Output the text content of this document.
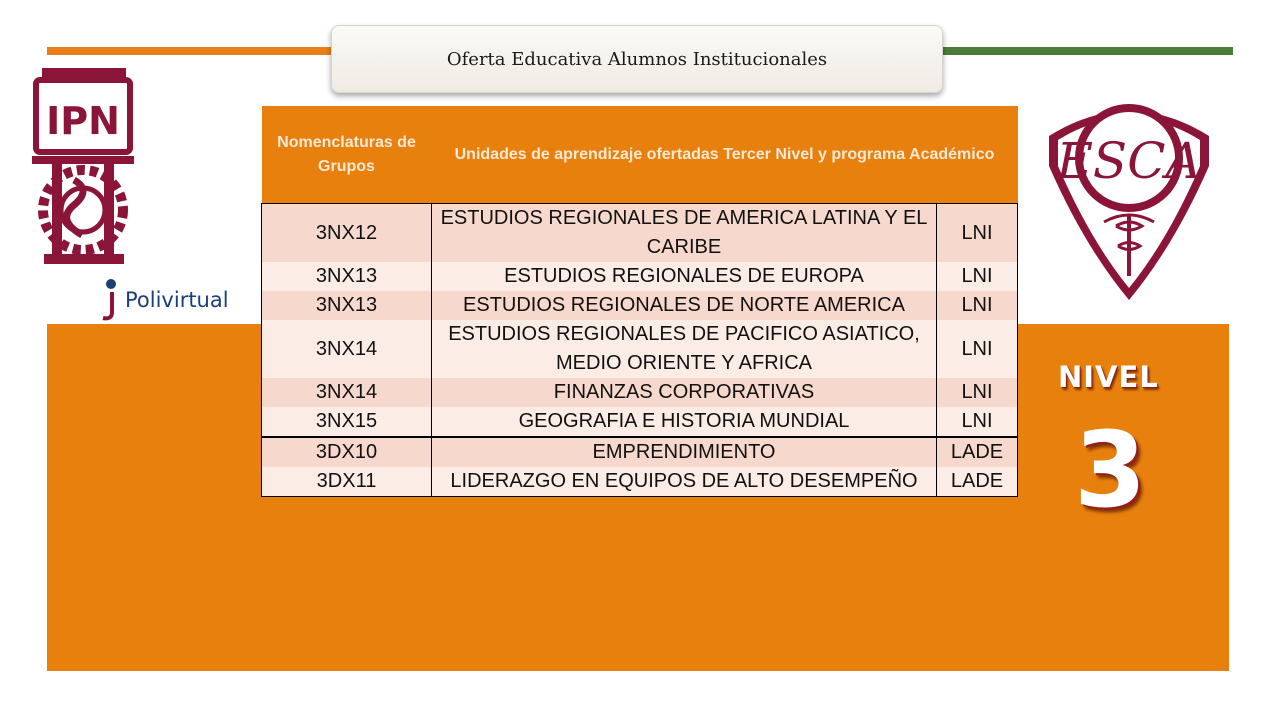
Oferta Educativa Alumnos Institucionales
IPN
Polivirtual
ESCA
Nomenclaturas de Grupos	Unidades de aprendizaje ofertadas Tercer Nivel y programa Académico	
3NX12	ESTUDIOS REGIONALES DE AMERICA LATINA Y EL CARIBE	LNI
3NX13	ESTUDIOS REGIONALES DE EUROPA	LNI
3NX13	ESTUDIOS REGIONALES DE NORTE AMERICA	LNI
3NX14	ESTUDIOS REGIONALES DE PACIFICO ASIATICO, MEDIO ORIENTE Y AFRICA	LNI
3NX14	FINANZAS CORPORATIVAS	LNI
3NX15	GEOGRAFIA E HISTORIA MUNDIAL	LNI
3DX10	EMPRENDIMIENTO	LADE
3DX11	LIDERAZGO EN EQUIPOS DE ALTO DESEMPEÑO	LADE
NIVEL
3
